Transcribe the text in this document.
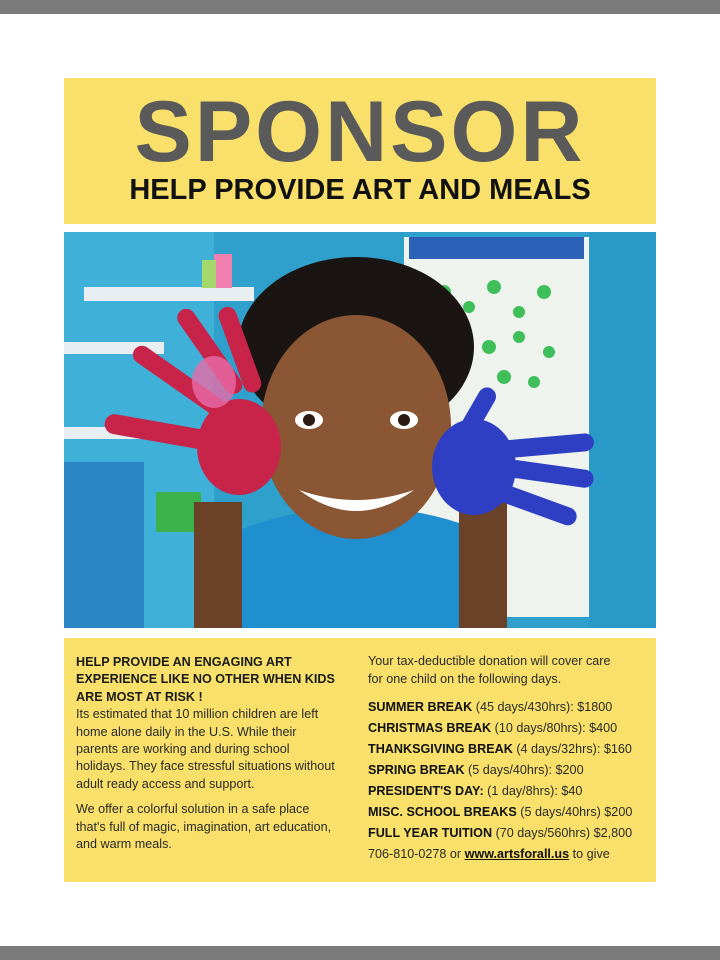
SPONSOR
HELP PROVIDE ART AND MEALS
HELP PROVIDE AN ENGAGING ART
EXPERIENCE LIKE NO OTHER WHEN KIDS
ARE MOST AT RISK !

Its estimated that 10 million children are left
home alone daily in the U.S. While their
parents are working and during school
holidays. They face stressful situations without
adult ready access and support.

We offer a colorful solution in a safe place
that's full of magic, imagination, art education,
and warm meals.

Your tax-deductible donation will cover care
for one child on the following days.
SUMMER BREAK (45 days/430hrs): $1800
CHRISTMAS BREAK (10 days/80hrs): $400
THANKSGIVING BREAK (4 days/32hrs): $160
SPRING BREAK (5 days/40hrs): $200
PRESIDENT'S DAY: (1 day/8hrs): $40
MISC. SCHOOL BREAKS (5 days/40hrs) $200
FULL YEAR TUITION (70 days/560hrs) $2,800
706-810-0278 or www.artsforall.us to give
